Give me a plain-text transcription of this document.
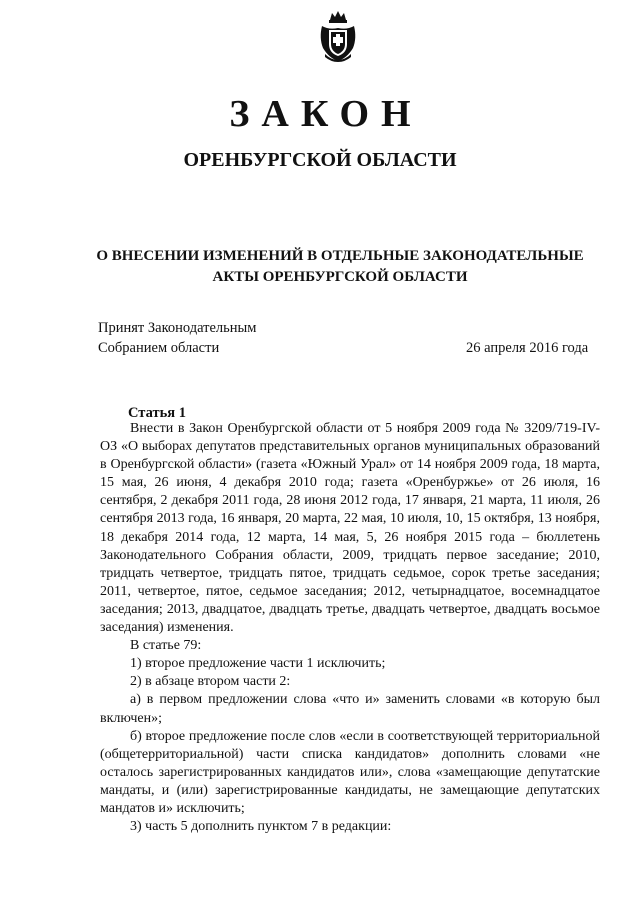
ЗАКОН
ОРЕНБУРГСКОЙ ОБЛАСТИ
О ВНЕСЕНИИ ИЗМЕНЕНИЙ В ОТДЕЛЬНЫЕ ЗАКОНОДАТЕЛЬНЫЕ АКТЫ ОРЕНБУРГСКОЙ ОБЛАСТИ
Принят Законодательным
Собранием области	26 апреля 2016 года
Статья 1

Внести в Закон Оренбургской области от 5 ноября 2009 года № 3209/719-IV-ОЗ «О выборах депутатов представительных органов муниципальных образований в Оренбургской области» (газета «Южный Урал» от 14 ноября 2009 года, 18 марта, 15 мая, 26 июня, 4 декабря 2010 года; газета «Оренбуржье» от 26 июля, 16 сентября, 2 декабря 2011 года, 28 июня 2012 года, 17 января, 21 марта, 11 июля, 26 сентября 2013 года, 16 января, 20 марта, 22 мая, 10 июля, 10, 15 октября, 13 ноября, 18 декабря 2014 года, 12 марта, 14 мая, 5, 26 ноября 2015 года – бюллетень Законодательного Собрания области, 2009, тридцать первое заседание; 2010, тридцать четвертое, тридцать пятое, тридцать седьмое, сорок третье заседания; 2011, четвертое, пятое, седьмое заседания; 2012, четырнадцатое, восемнадцатое заседания; 2013, двадцатое, двадцать третье, двадцать четвертое, двадцать восьмое заседания) изменения.

В статье 79:

1) второе предложение части 1 исключить;

2) в абзаце втором части 2:

а) в первом предложении слова «что и» заменить словами «в которую был включен»;

б) второе предложение после слов «если в соответствующей территориальной (общетерриториальной) части списка кандидатов» дополнить словами «не осталось зарегистрированных кандидатов или», слова «замещающие депутатские мандаты, и (или) зарегистрированные кандидаты, не замещающие депутатских мандатов и» исключить;

3) часть 5 дополнить пунктом 7 в редакции:
